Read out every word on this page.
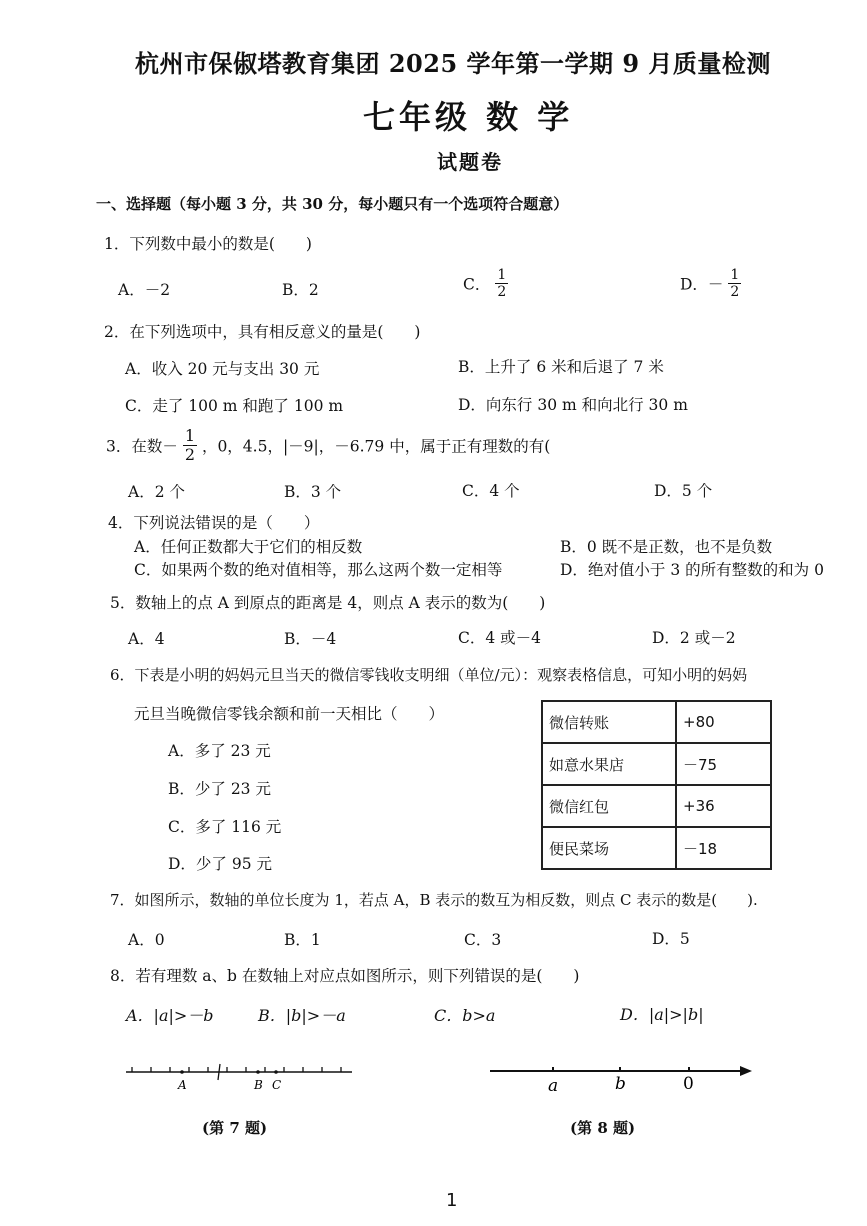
杭州市保俶塔教育集团 2025 学年第一学期 9 月质量检测
七年级 数 学
试题卷
一、选择题（每小题 3 分，共 30 分，每小题只有一个选项符合题意）
1．下列数中最小的数是(　　)
A．－2	B．2	C． $\frac{1}{2}$	D．－ $\frac{1}{2}$
2．在下列选项中，具有相反意义的量是(　　)
A．收入 20 元与支出 30 元	B．上升了 6 米和后退了 7 米
C．走了 100 m 和跑了 100 m	D．向东行 30 m 和向北行 30 m
3．在数－ $\frac{1}{2}$ ，0，4.5，|－9|，－6.79 中，属于正有理数的有(
A．2 个	B．3 个	C．4 个	D．5 个
4．下列说法错误的是（　　）
A．任何正数都大于它们的相反数	B．0 既不是正数，也不是负数
C．如果两个数的绝对值相等，那么这两个数一定相等	D．绝对值小于 3 的所有整数的和为 0
5．数轴上的点 A 到原点的距离是 4，则点 A 表示的数为(　　)
A．4	B．－4	C．4 或－4	D．2 或－2
6．下表是小明的妈妈元旦当天的微信零钱收支明细（单位/元）：观察表格信息，可知小明的妈妈
元旦当晚微信零钱余额和前一天相比（　　）
A．多了 23 元
B．少了 23 元
C．多了 116 元
D．少了 95 元
微信转账	+80
如意水果店	－75
微信红包	+36
便民菜场	－18
7．如图所示，数轴的单位长度为 1，若点 A，B 表示的数互为相反数，则点 C 表示的数是(　　).
A．0	B．1	C．3	D．5
8．若有理数 a、b 在数轴上对应点如图所示，则下列错误的是(　　)
A．|a|>－b	B．|b|>－a	C．b>a	D．|a|>|b|
A	B C
(第 7 题)
a	b	0
(第 8 题)
1
